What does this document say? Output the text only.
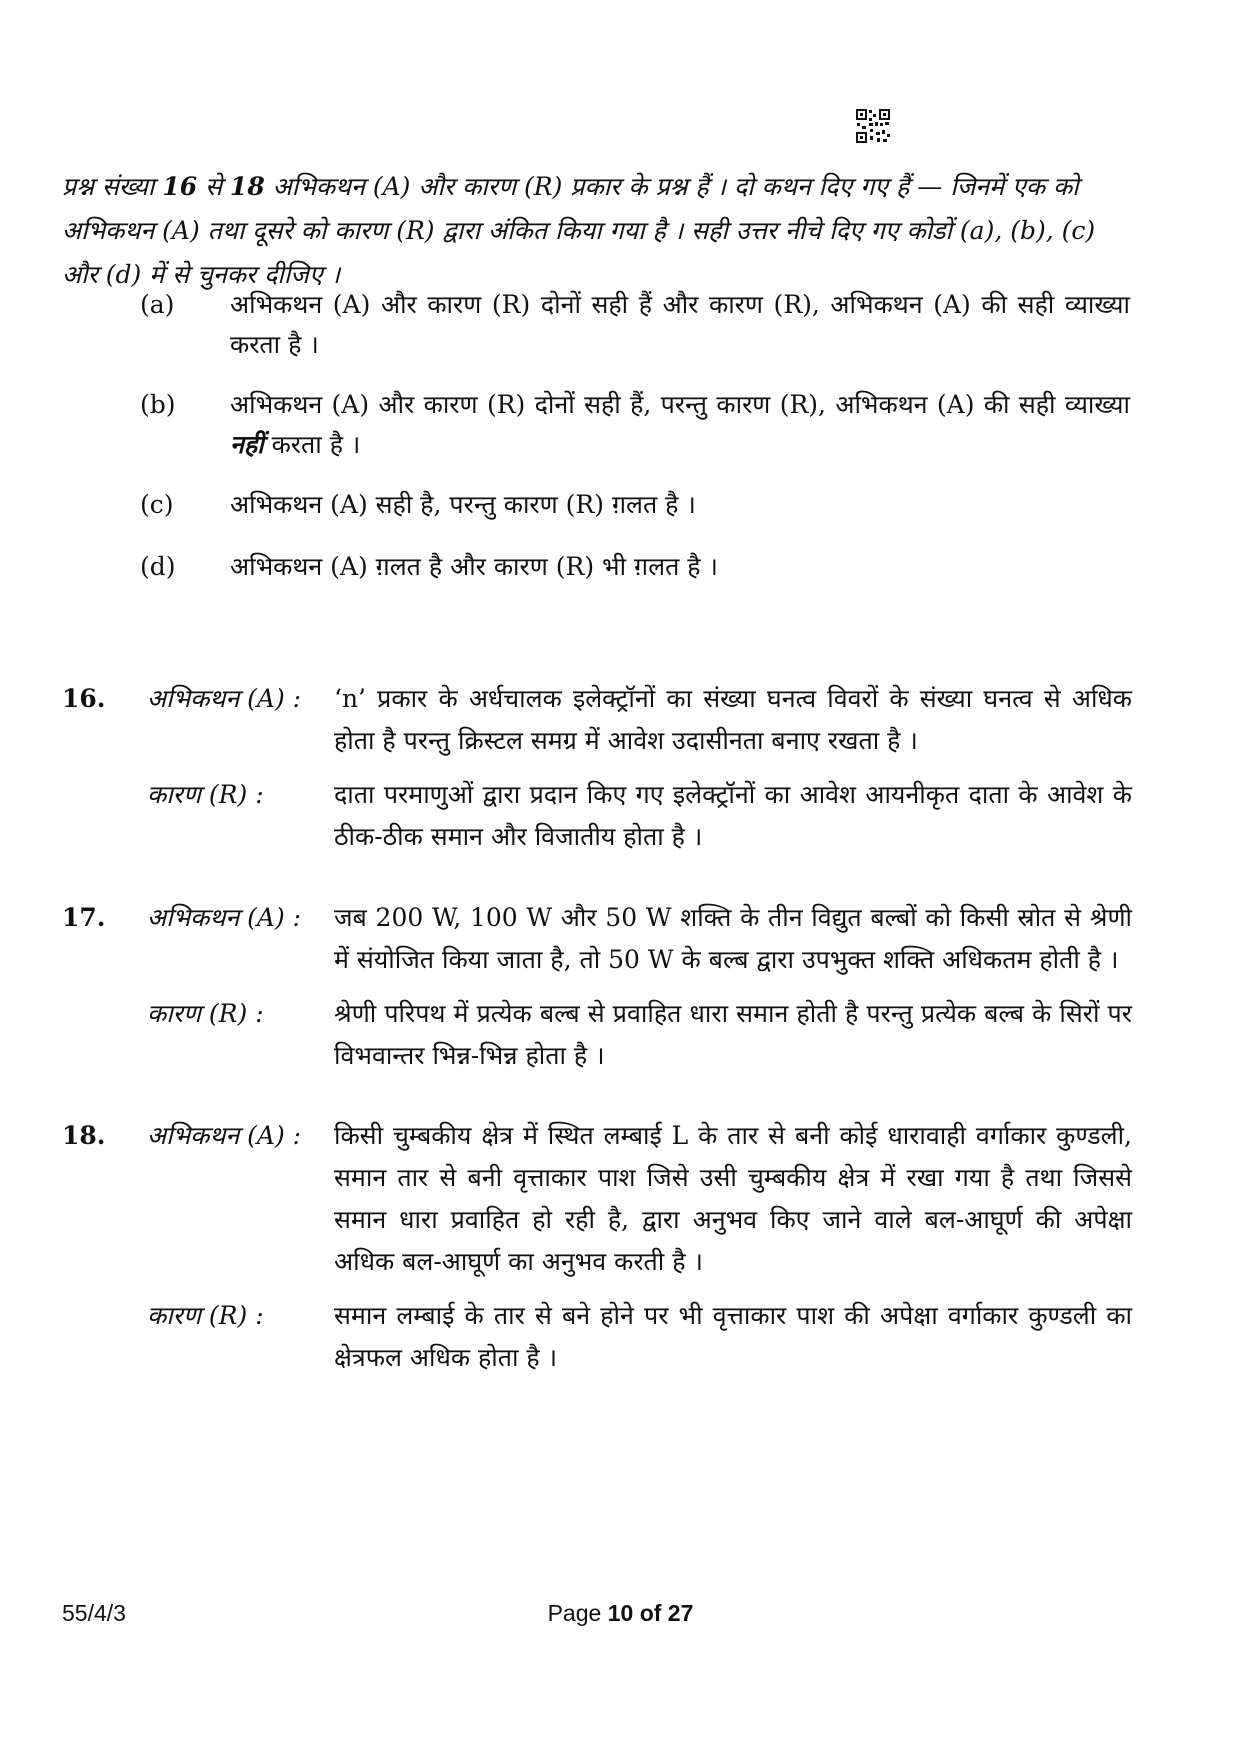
प्रश्न संख्या 16 से 18 अभिकथन (A) और कारण (R) प्रकार के प्रश्न हैं । दो कथन दिए गए हैं — जिनमें एक को अभिकथन (A) तथा दूसरे को कारण (R) द्वारा अंकित किया गया है । सही उत्तर नीचे दिए गए कोडों (a), (b), (c) और (d) में से चुनकर दीजिए ।
(a)	अभिकथन (A) और कारण (R) दोनों सही हैं और कारण (R), अभिकथन (A) की सही व्याख्या करता है ।
(b)	अभिकथन (A) और कारण (R) दोनों सही हैं, परन्तु कारण (R), अभिकथन (A) की सही व्याख्या नहीं करता है ।
(c)	अभिकथन (A) सही है, परन्तु कारण (R) ग़लत है ।
(d)	अभिकथन (A) ग़लत है और कारण (R) भी ग़लत है ।
16. अभिकथन (A) :	‘n’ प्रकार के अर्धचालक इलेक्ट्रॉनों का संख्या घनत्व विवरों के संख्या घनत्व से अधिक होता है परन्तु क्रिस्टल समग्र में आवेश उदासीनता बनाए रखता है ।
कारण (R) :	दाता परमाणुओं द्वारा प्रदान किए गए इलेक्ट्रॉनों का आवेश आयनीकृत दाता के आवेश के ठीक-ठीक समान और विजातीय होता है ।
17. अभिकथन (A) :	जब 200 W, 100 W और 50 W शक्ति के तीन विद्युत बल्बों को किसी स्रोत से श्रेणी में संयोजित किया जाता है, तो 50 W के बल्ब द्वारा उपभुक्त शक्ति अधिकतम होती है ।
कारण (R) :	श्रेणी परिपथ में प्रत्येक बल्ब से प्रवाहित धारा समान होती है परन्तु प्रत्येक बल्ब के सिरों पर विभवान्तर भिन्न-भिन्न होता है ।
18. अभिकथन (A) :	किसी चुम्बकीय क्षेत्र में स्थित लम्बाई L के तार से बनी कोई धारावाही वर्गाकार कुण्डली, समान तार से बनी वृत्ताकार पाश जिसे उसी चुम्बकीय क्षेत्र में रखा गया है तथा जिससे समान धारा प्रवाहित हो रही है, द्वारा अनुभव किए जाने वाले बल-आघूर्ण की अपेक्षा अधिक बल-आघूर्ण का अनुभव करती है ।
कारण (R) :	समान लम्बाई के तार से बने होने पर भी वृत्ताकार पाश की अपेक्षा वर्गाकार कुण्डली का क्षेत्रफल अधिक होता है ।
55/4/3	Page 10 of 27
